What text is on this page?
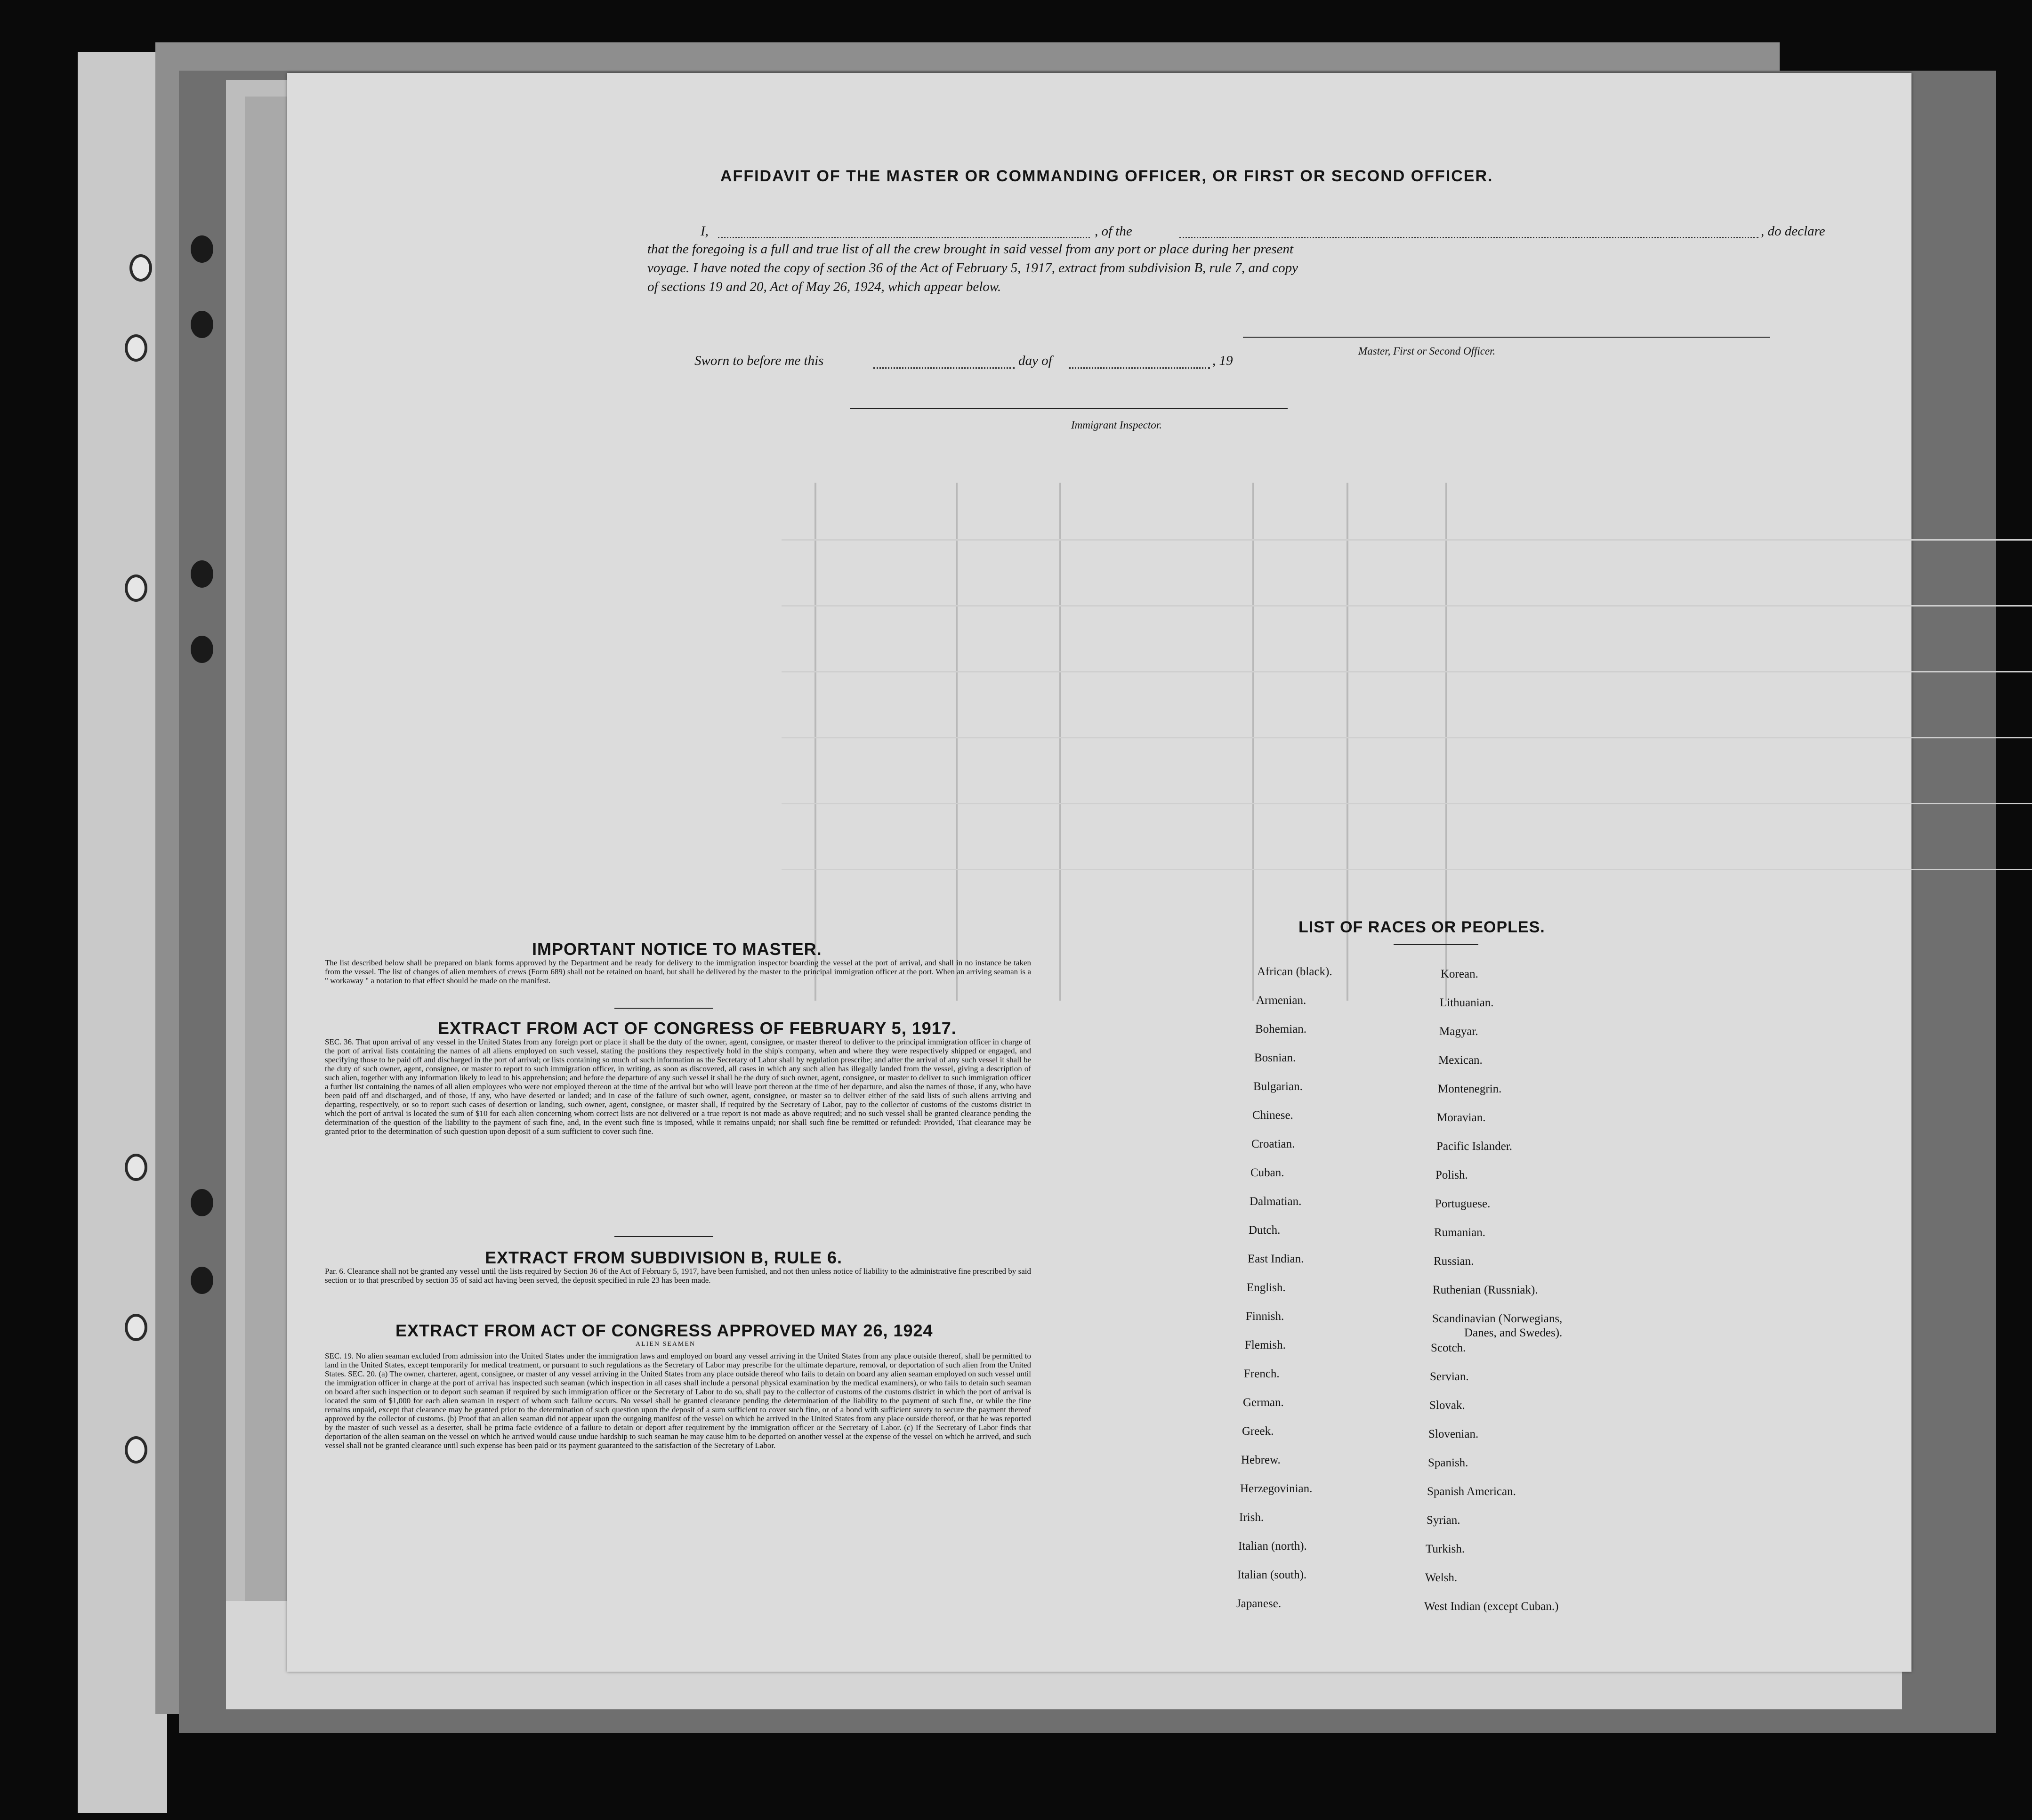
AFFIDAVIT OF THE MASTER OR COMMANDING OFFICER, OR FIRST OR SECOND OFFICER.
I,	, of the	, do declare
that the foregoing is a full and true list of all the crew brought in said vessel from any port or place during her present
voyage. I have noted the copy of section 36 of the Act of February 5, 1917, extract from subdivision B, rule 7, and copy
of sections 19 and 20, Act of May 26, 1924, which appear below.
Master, First or Second Officer.
Sworn to before me this	day of	, 19
Immigrant Inspector.
IMPORTANT NOTICE TO MASTER.
The list described below shall be prepared on blank forms approved by the Department and be ready for delivery to the immigration inspector boarding the vessel at the port of arrival, and shall in no instance be taken from the vessel. The list of changes of alien members of crews (Form 689) shall not be retained on board, but shall be delivered by the master to the principal immigration officer at the port. When an arriving seaman is a " workaway " a notation to that effect should be made on the manifest.
EXTRACT FROM ACT OF CONGRESS OF FEBRUARY 5, 1917.
SEC. 36. That upon arrival of any vessel in the United States from any foreign port or place it shall be the duty of the owner, agent, consignee, or master thereof to deliver to the principal immigration officer in charge of the port of arrival lists containing the names of all aliens employed on such vessel, stating the positions they respectively hold in the ship's company, when and where they were respectively shipped or engaged, and specifying those to be paid off and discharged in the port of arrival; or lists containing so much of such information as the Secretary of Labor shall by regulation prescribe; and after the arrival of any such vessel it shall be the duty of such owner, agent, consignee, or master to report to such immigration officer, in writing, as soon as discovered, all cases in which any such alien has illegally landed from the vessel, giving a description of such alien, together with any information likely to lead to his apprehension; and before the departure of any such vessel it shall be the duty of such owner, agent, consignee, or master to deliver to such immigration officer a further list containing the names of all alien employees who were not employed thereon at the time of the arrival but who will leave port thereon at the time of her departure, and also the names of those, if any, who have been paid off and discharged, and of those, if any, who have deserted or landed; and in case of the failure of such owner, agent, consignee, or master so to deliver either of the said lists of such aliens arriving and departing, respectively, or so to report such cases of desertion or landing, such owner, agent, consignee, or master shall, if required by the Secretary of Labor, pay to the collector of customs of the customs district in which the port of arrival is located the sum of $10 for each alien concerning whom correct lists are not delivered or a true report is not made as above required; and no such vessel shall be granted clearance pending the determination of the question of the liability to the payment of such fine, and, in the event such fine is imposed, while it remains unpaid; nor shall such fine be remitted or refunded: Provided, That clearance may be granted prior to the determination of such question upon deposit of a sum sufficient to cover such fine.
EXTRACT FROM SUBDIVISION B, RULE 6.
Par. 6. Clearance shall not be granted any vessel until the lists required by Section 36 of the Act of February 5, 1917, have been furnished, and not then unless notice of liability to the administrative fine prescribed by said section or to that prescribed by section 35 of said act having been served, the deposit specified in rule 23 has been made.
EXTRACT FROM ACT OF CONGRESS APPROVED MAY 26, 1924
ALIEN SEAMEN
SEC. 19. No alien seaman excluded from admission into the United States under the immigration laws and employed on board any vessel arriving in the United States from any place outside thereof, shall be permitted to land in the United States, except temporarily for medical treatment, or pursuant to such regulations as the Secretary of Labor may prescribe for the ultimate departure, removal, or deportation of such alien from the United States. SEC. 20. (a) The owner, charterer, agent, consignee, or master of any vessel arriving in the United States from any place outside thereof who fails to detain on board any alien seaman employed on such vessel until the immigration officer in charge at the port of arrival has inspected such seaman (which inspection in all cases shall include a personal physical examination by the medical examiners), or who fails to detain such seaman on board after such inspection or to deport such seaman if required by such immigration officer or the Secretary of Labor to do so, shall pay to the collector of customs of the customs district in which the port of arrival is located the sum of $1,000 for each alien seaman in respect of whom such failure occurs. No vessel shall be granted clearance pending the determination of the liability to the payment of such fine, or while the fine remains unpaid, except that clearance may be granted prior to the determination of such question upon the deposit of a sum sufficient to cover such fine, or of a bond with sufficient surety to secure the payment thereof approved by the collector of customs. (b) Proof that an alien seaman did not appear upon the outgoing manifest of the vessel on which he arrived in the United States from any place outside thereof, or that he was reported by the master of such vessel as a deserter, shall be prima facie evidence of a failure to detain or deport after requirement by the immigration officer or the Secretary of Labor. (c) If the Secretary of Labor finds that deportation of the alien seaman on the vessel on which he arrived would cause undue hardship to such seaman he may cause him to be deported on another vessel at the expense of the vessel on which he arrived, and such vessel shall not be granted clearance until such expense has been paid or its payment guaranteed to the satisfaction of the Secretary of Labor.
LIST OF RACES OR PEOPLES.
African (black).
Armenian.
Bohemian.
Bosnian.
Bulgarian.
Chinese.
Croatian.
Cuban.
Dalmatian.
Dutch.
East Indian.
English.
Finnish.
Flemish.
French.
German.
Greek.
Hebrew.
Herzegovinian.
Irish.
Italian (north).
Italian (south).
Japanese.
Korean.
Lithuanian.
Magyar.
Mexican.
Montenegrin.
Moravian.
Pacific Islander.
Polish.
Portuguese.
Rumanian.
Russian.
Ruthenian (Russniak).
Scandinavian (Norwegians,
Danes, and Swedes).
Scotch.
Servian.
Slovak.
Slovenian.
Spanish.
Spanish American.
Syrian.
Turkish.
Welsh.
West Indian (except Cuban.)
